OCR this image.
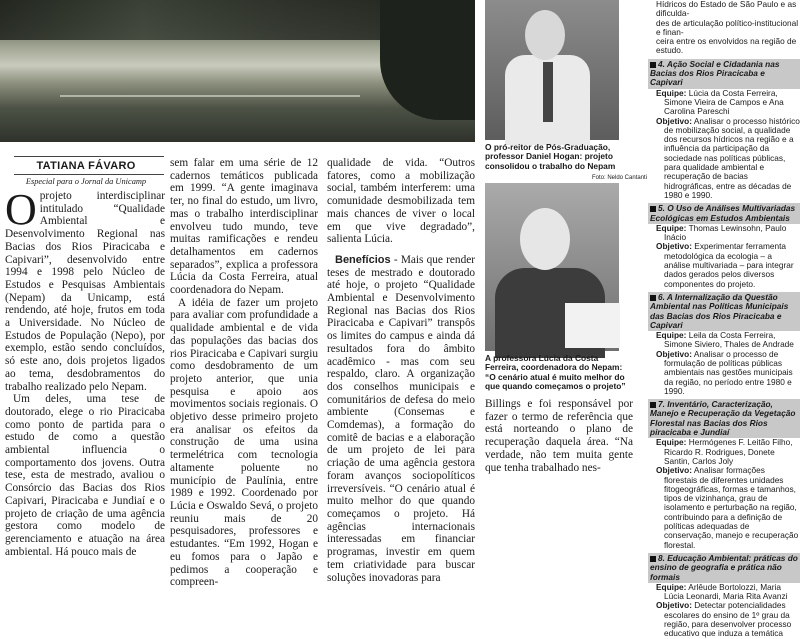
O pró-reitor de Pós-Graduação, professor Daniel Hogan: projeto consolidou o trabalho do Nepam
Foto: Neldo Cantanti
A professora Lúcia da Costa Ferreira, coordenadora do Nepam: “O cenário atual é muito melhor do que quando começamos o projeto”
TATIANA FÁVARO
Especial para o Jornal da Unicamp
O projeto interdisciplinar intitulado “Qualidade Ambiental e Desenvolvimento Regional nas Bacias dos Rios Piracicaba e Capivari”, desenvolvido entre 1994 e 1998 pelo Núcleo de Estudos e Pesquisas Ambientais (Nepam) da Unicamp, está rendendo, até hoje, frutos em toda a Universidade. No Núcleo de Estudos de População (Nepo), por exemplo, estão sendo concluídos, só este ano, dois projetos ligados ao tema, desdobramentos do trabalho realizado pelo Nepam.

Um deles, uma tese de doutorado, elege o rio Piracicaba como ponto de partida para o estudo de como a questão ambiental influencia o comportamento dos jovens. Outra tese, esta de mestrado, avaliou o Consórcio das Bacias dos Rios Capivari, Piracicaba e Jundiaí e o projeto de criação de uma agência gestora como modelo de gerenciamento e atuação na área ambiental. Há pouco mais de

sem falar em uma série de 12 cadernos temáticos publicada em 1999. “A gente imaginava ter, no final do estudo, um livro, mas o trabalho interdisciplinar envolveu tudo mundo, teve muitas ramificações e rendeu detalhamentos em cadernos separados”, explica a professora Lúcia da Costa Ferreira, atual coordenadora do Nepam.

A idéia de fazer um projeto para avaliar com profundidade a qualidade ambiental e de vida das populações das bacias dos rios Piracicaba e Capivari surgiu como desdobramento de um projeto anterior, que unia pesquisa e apoio aos movimentos sociais regionais. O objetivo desse primeiro projeto era analisar os efeitos da construção de uma usina termelétrica com tecnologia altamente poluente no município de Paulínia, entre 1989 e 1992. Coordenado por Lúcia e Oswaldo Sevá, o projeto reuniu mais de 20 pesquisadores, professores e estudantes. “Em 1992, Hogan e eu fomos para o Japão e pedimos a cooperação e compreen-

qualidade de vida. “Outros fatores, como a mobilização social, também interferem: uma comunidade desmobilizada tem mais chances de viver o local em que vive degradado”, salienta Lúcia.

Benefícios - Mais que render teses de mestrado e doutorado até hoje, o projeto “Qualidade Ambiental e Desenvolvimento Regional nas Bacias dos Rios Piracicaba e Capivari” transpôs os limites do campus e ainda dá resultados fora do âmbito acadêmico - mas com seu respaldo, claro. A organização dos conselhos municipais e comunitários de defesa do meio ambiente (Consemas e Comdemas), a formação do comitê de bacias e a elaboração de um projeto de lei para criação de uma agência gestora foram avanços sociopolíticos irreversíveis. “O cenário atual é muito melhor do que quando começamos o projeto. Há agências internacionais interessadas em financiar programas, investir em quem tem criatividade para buscar soluções inovadoras para

Billings e foi responsável por fazer o termo de referência que está norteando o plano de recuperação daquela área. “Na verdade, não tem muita gente que tenha trabalhado nes-

Hídricos do Estado de São Paulo e as dificulda-
des de articulação político-institucional e finan-
ceira entre os envolvidos na região de estudo.
4. Ação Social e Cidadania nas Bacias dos Rios Piracicaba e Capivari
Equipe: Lúcia da Costa Ferreira, Simone Vieira de Campos e Ana Carolina Pareschi
Objetivo: Analisar o processo histórico de mobilização social, a qualidade dos recursos hídricos na região e a influência da participação da sociedade nas políticas públicas, para qualidade ambiental e recuperação de bacias hidrográficas, entre as décadas de 1980 e 1990.
5. O Uso de Análises Multivariadas Ecológicas em Estudos Ambientais
Equipe: Thomas Lewinsohn, Paulo Inácio
Objetivo: Experimentar ferramenta metodológica da ecologia – a análise multivariada – para integrar dados gerados pelos diversos componentes do projeto.
6. A Internalização da Questão Ambiental nas Políticas Municipais das Bacias dos Rios Piracicaba e Capivari
Equipe: Leila da Costa Ferreira, Simone Siviero, Thales de Andrade
Objetivo: Analisar o processo de formulação de políticas públicas ambientais nas gestões municipais da região, no período entre 1980 e 1990.
7. Inventário, Caracterização, Manejo e Recuperação da Vegetação Florestal nas Bacias dos Rios piracicaba e Jundiaí
Equipe: Hermógenes F. Leitão Filho, Ricardo R. Rodrigues, Donete Santin, Carlos Joly
Objetivo: Analisar formações florestais de diferentes unidades fitogeográficas, formas e tamanhos, tipos de vizinhança, grau de isolamento e perturbação na região, contribuindo para a definição de políticas adequadas de conservação, manejo e recuperação florestal.
8. Educação Ambiental: práticas do ensino de geografia e prática não formais
Equipe: Arlêude Bortolozzi, Maria Lúcia Leonardi, Maria Rita Avanzi
Objetivo: Detectar potencialidades escolares do ensino de 1º grau da região, para desenvolver processo educativo que induza a temática
